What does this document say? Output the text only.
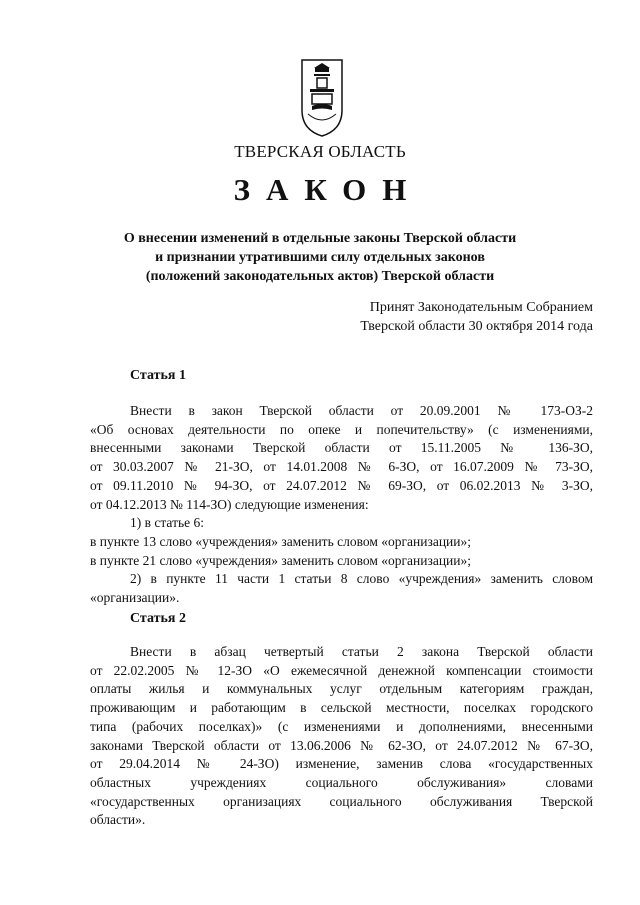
ТВЕРСКАЯ ОБЛАСТЬ
ЗАКОН
О внесении изменений в отдельные законы Тверской области
и признании утратившими силу отдельных законов
(положений законодательных актов) Тверской области
Принят Законодательным Собранием
Тверской области 30 октября 2014 года
Статья 1
Внести в закон Тверской области от 20.09.2001 № 173-ОЗ-2
«Об основах деятельности по опеке и попечительству» (с изменениями,
внесенными законами Тверской области от 15.11.2005 № 136-ЗО,
от 30.03.2007 № 21-ЗО, от 14.01.2008 № 6-ЗО, от 16.07.2009 № 73-ЗО,
от 09.11.2010 № 94-ЗО, от 24.07.2012 № 69-ЗО, от 06.02.2013 № 3-ЗО,
от 04.12.2013 № 114-ЗО) следующие изменения:
1) в статье 6:
в пункте 13 слово «учреждения» заменить словом «организации»;
в пункте 21 слово «учреждения» заменить словом «организации»;
2) в пункте 11 части 1 статьи 8 слово «учреждения» заменить словом
«организации».
Статья 2
Внести в абзац четвертый статьи 2 закона Тверской области
от 22.02.2005 № 12-ЗО «О ежемесячной денежной компенсации стоимости
оплаты жилья и коммунальных услуг отдельным категориям граждан,
проживающим и работающим в сельской местности, поселках городского
типа (рабочих поселках)» (с изменениями и дополнениями, внесенными
законами Тверской области от 13.06.2006 № 62-ЗО, от 24.07.2012 № 67-ЗО,
от 29.04.2014 № 24-ЗО) изменение, заменив слова «государственных
областных учреждениях социального обслуживания» словами
«государственных организациях социального обслуживания Тверской
области».
